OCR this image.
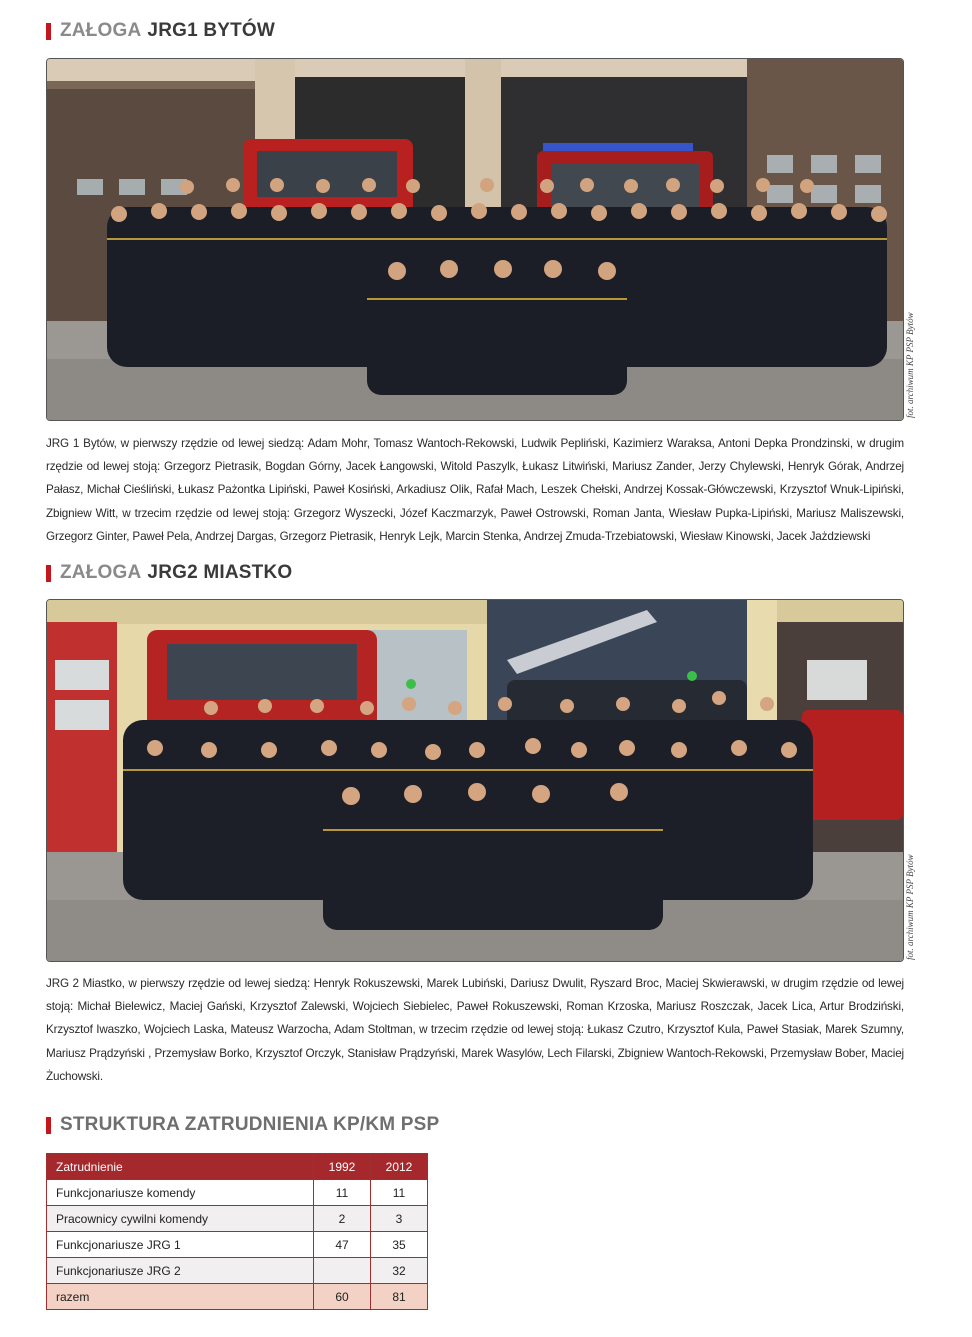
ZAŁOGA JRG1 BYTÓW
fot. archiwum KP PSP Bytów

JRG 1 Bytów, w pierwszy rzędzie od lewej siedzą: Adam Mohr, Tomasz Wantoch-Rekowski, Ludwik Pepliński, Kazimierz Waraksa, Antoni Depka Prondzinski, w drugim rzędzie od lewej stoją: Grzegorz Pietrasik, Bogdan Górny, Jacek Łangowski, Witold Paszylk, Łukasz Litwiński, Mariusz Zander, Jerzy Chylewski, Henryk Górak, Andrzej Pałasz, Michał Cieśliński, Łukasz Pażontka Lipiński, Paweł Kosiński, Arkadiusz Olik, Rafał Mach, Leszek Chełski, Andrzej Kossak-Główczewski, Krzysztof Wnuk-Lipiński, Zbigniew Witt, w trzecim rzędzie od lewej stoją: Grzegorz Wyszecki, Józef Kaczmarzyk, Paweł Ostrowski, Roman Janta, Wiesław Pupka-Lipiński, Mariusz Maliszewski, Grzegorz Ginter, Paweł Pela, Andrzej Dargas, Grzegorz Pietrasik, Henryk Lejk, Marcin Stenka, Andrzej Zmuda-Trzebiatowski, Wiesław Kinowski, Jacek Jażdziewski

ZAŁOGA JRG2 MIASTKO
fot. archiwum KP PSP Bytów

JRG 2 Miastko, w pierwszy rzędzie od lewej siedzą: Henryk Rokuszewski, Marek Lubiński, Dariusz Dwulit, Ryszard Broc, Maciej Skwierawski, w drugim rzędzie od lewej stoją: Michał Bielewicz, Maciej Gański, Krzysztof Zalewski, Wojciech Siebielec, Paweł Rokuszewski, Roman Krzoska, Mariusz Roszczak, Jacek Lica, Artur Brodziński, Krzysztof Iwaszko, Wojciech Laska, Mateusz Warzocha, Adam Stoltman, w trzecim rzędzie od lewej stoją: Łukasz Czutro, Krzysztof Kula, Paweł Stasiak, Marek Szumny, Mariusz Prądzyński , Przemysław Borko, Krzysztof Orczyk, Stanisław Prądzyński, Marek Wasylów, Lech Filarski, Zbigniew Wantoch-Rekowski, Przemysław Bober, Maciej Żuchowski.

STRUKTURA ZATRUDNIENIA KP/KM PSP
Zatrudnienie	1992	2012
Funkcjonariusze komendy	11	11
Pracownicy cywilni komendy	2	3
Funkcjonariusze JRG 1	47	35
Funkcjonariusze JRG 2		32
razem	60	81
